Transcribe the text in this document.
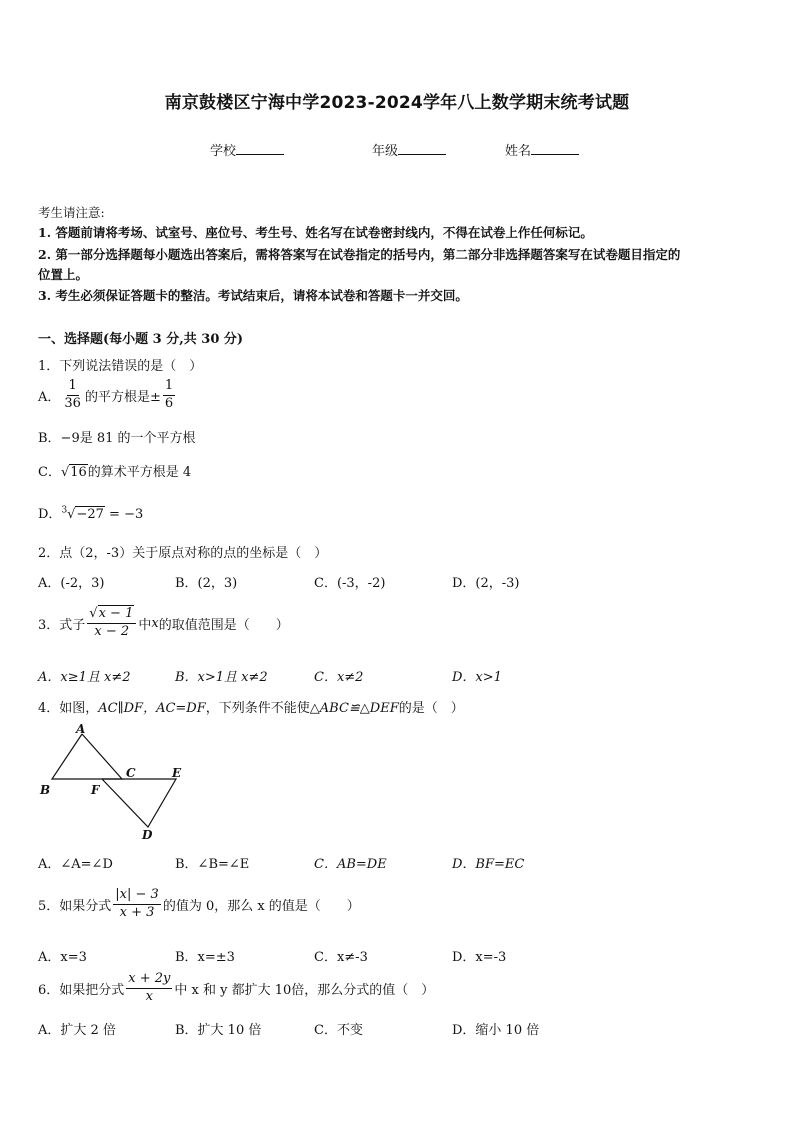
南京鼓楼区宁海中学2023-2024学年八上数学期末统考试题
学校	年级	姓名
考生请注意:
1. 答题前请将考场、试室号、座位号、考生号、姓名写在试卷密封线内，不得在试卷上作任何标记。
2. 第一部分选择题每小题选出答案后，需将答案写在试卷指定的括号内，第二部分非选择题答案写在试卷题目指定的
位置上。
3. 考生必须保证答题卡的整洁。考试结束后，请将本试卷和答题卡一并交回。
一、选择题(每小题 3 分,共 30 分)
1．下列说法错误的是（　）
A． $\frac{1}{36}$ 的平方根是± $\frac{1}{6}$
B．−9是 81 的一个平方根
C．√16的算术平方根是 4
D．$^3$√−27 = −3
2．点（2，-3）关于原点对称的点的坐标是（　）
A．(-2，3)	B．(2，3)	C．(-3，-2)	D．(2，-3)
3．式子 $\frac{√x - 1}{x - 2}$ 中 x 的取值范围是（　　）
A．x≥1且 x≠2	B．x>1且 x≠2	C．x≠2	D．x>1
4．如图，AC∥DF，AC=DF，下列条件不能使△ABC≌△DEF的是（　）
A
B
C
D
E
F
A．∠A=∠D	B．∠B=∠E	C．AB=DE	D．BF=EC
5．如果分式 $\frac{|x| - 3}{x + 3}$ 的值为 0，那么 x 的值是（　　）
A．x=3	B．x=±3	C．x≠-3	D．x=-3
6．如果把分式 $\frac{x + 2y}{x}$ 中 x 和 y 都扩大 10倍，那么分式的值（　）
A．扩大 2 倍	B．扩大 10 倍	C．不变	D．缩小 10 倍
